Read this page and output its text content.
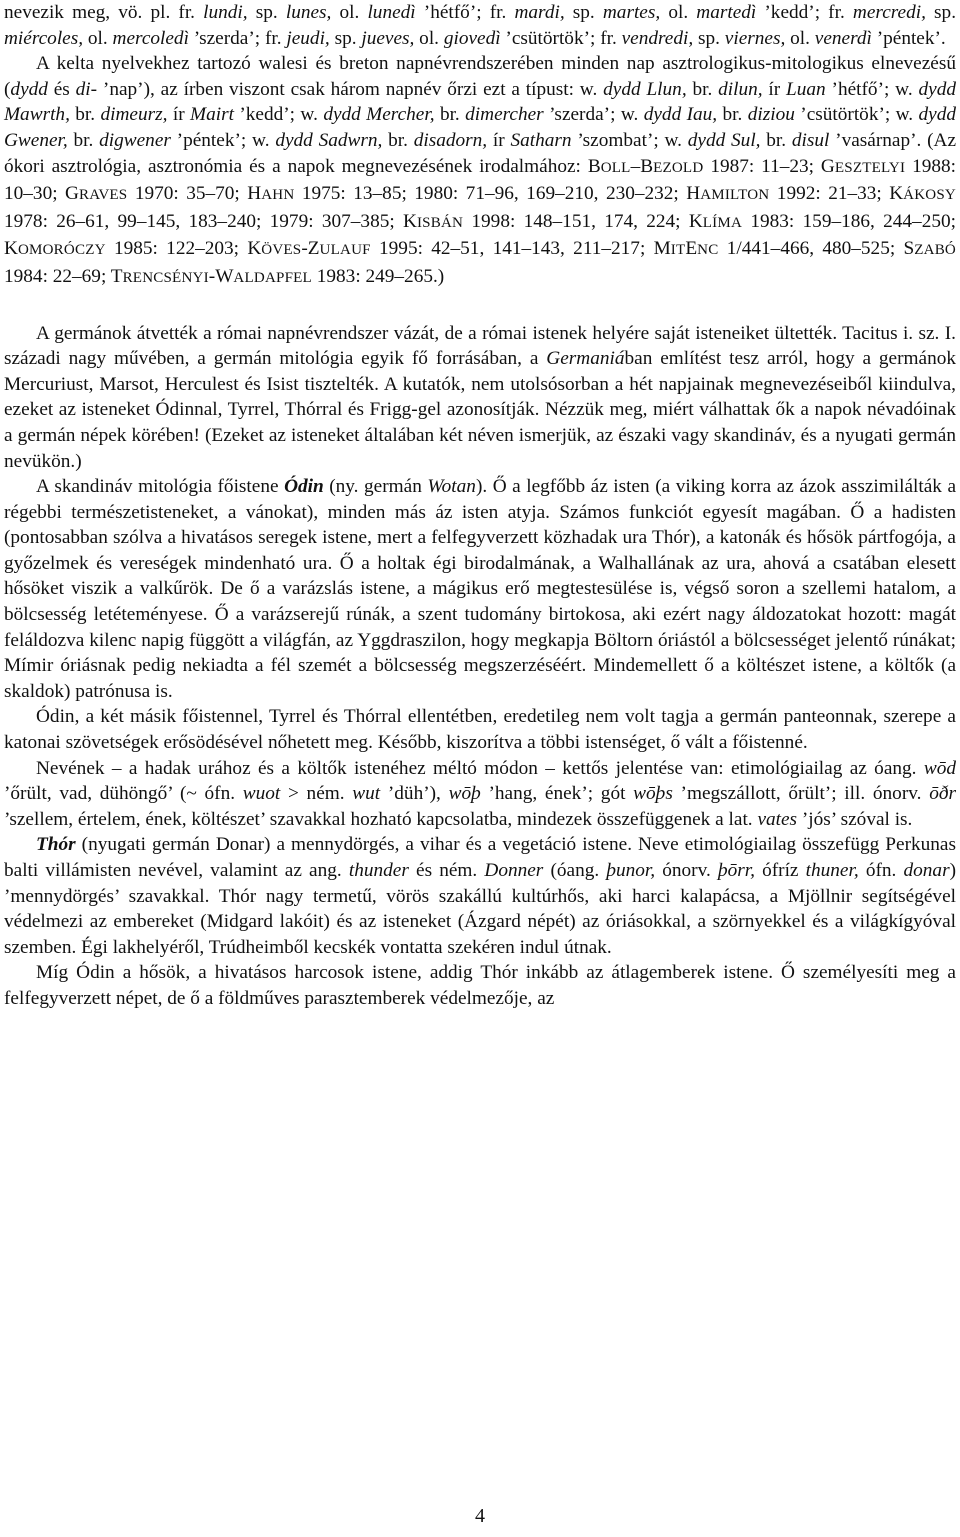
nevezik meg, vö. pl. fr. lundi, sp. lunes, ol. lunedì ’hétfő’; fr. mardi, sp. martes, ol. martedì ’kedd’; fr. mercredi, sp. miércoles, ol. mercoledì ’szerda’; fr. jeudi, sp. jueves, ol. giovedì ’csütörtök’; fr. vendredi, sp. viernes, ol. venerdì ’péntek’.

A kelta nyelvekhez tartozó walesi és breton napnévrendszerében minden nap asztrologikus-mitologikus elnevezésű (dydd és di- ’nap’), az írben viszont csak három napnév őrzi ezt a típust: w. dydd Llun, br. dilun, ír Luan ’hétfő’; w. dydd Mawrth, br. dimeurz, ír Mairt ’kedd’; w. dydd Mercher, br. dimercher ’szerda’; w. dydd Iau, br. diziou ’csütörtök’; w. dydd Gwener, br. digwener ’péntek’; w. dydd Sadwrn, br. disadorn, ír Satharn ’szombat’; w. dydd Sul, br. disul ’vasárnap’. (Az ókori asztrológia, asztronómia és a napok megnevezésének irodalmához: BOLL–BEZOLD 1987: 11–23; GESZTELYI 1988: 10–30; GRAVES 1970: 35–70; HAHN 1975: 13–85; 1980: 71–96, 169–210, 230–232; HAMILTON 1992: 21–33; KÁKOSY 1978: 26–61, 99–145, 183–240; 1979: 307–385; KISBÁN 1998: 148–151, 174, 224; KLÍMA 1983: 159–186, 244–250; KOMORÓCZY 1985: 122–203; KÖVES-ZULAUF 1995: 42–51, 141–143, 211–217; MITENC 1/441–466, 480–525; SZABÓ 1984: 22–69; TRENCSÉNYI-WALDAPFEL 1983: 249–265.)

A germánok átvették a római napnévrendszer vázát, de a római istenek helyére saját isteneiket ültették. Tacitus i. sz. I. századi nagy művében, a germán mitológia egyik fő forrásában, a Germaniában említést tesz arról, hogy a germánok Mercuriust, Marsot, Herculest és Isist tisztelték. A kutatók, nem utolsósorban a hét napjainak megnevezéseiből kiindulva, ezeket az isteneket Ódinnal, Tyrrel, Thórral és Frigg-gel azonosítják. Nézzük meg, miért válhattak ők a napok névadóinak a germán népek körében! (Ezeket az isteneket általában két néven ismerjük, az északi vagy skandináv, és a nyugati germán nevükön.)

A skandináv mitológia főistene Ódin (ny. germán Wotan). Ő a legfőbb áz isten (a viking korra az ázok asszimilálták a régebbi természetisteneket, a vánokat), minden más áz isten atyja. Számos funkciót egyesít magában. Ő a hadisten (pontosabban szólva a hivatásos seregek istene, mert a felfegyverzett közhadak ura Thór), a katonák és hősök pártfogója, a győzelmek és vereségek mindenható ura. Ő a holtak égi birodalmának, a Walhallának az ura, ahová a csatában elesett hősöket viszik a valkűrök. De ő a varázslás istene, a mágikus erő megtestesülése is, végső soron a szellemi hatalom, a bölcsesség letéteményese. Ő a varázserejű rúnák, a szent tudomány birtokosa, aki ezért nagy áldozatokat hozott: magát feláldozva kilenc napig függött a világfán, az Yggdraszilon, hogy megkapja Böltorn óriástól a bölcsességet jelentő rúnákat; Mímir óriásnak pedig nekiadta a fél szemét a bölcsesség megszerzéséért. Mindemellett ő a költészet istene, a költők (a skaldok) patrónusa is.

Ódin, a két másik főistennel, Tyrrel és Thórral ellentétben, eredetileg nem volt tagja a germán panteonnak, szerepe a katonai szövetségek erősödésével nőhetett meg. Később, kiszorítva a többi istenséget, ő vált a főistenné.

Nevének – a hadak urához és a költők istenéhez méltó módon – kettős jelentése van: etimológiailag az óang. wōd ’őrült, vad, dühöngő’ (~ ófn. wuot > ném. wut ’düh’), wōþ ’hang, ének’; gót wōþs ’megszállott, őrült’; ill. ónorv. ōðr ’szellem, értelem, ének, költészet’ szavakkal hozható kapcsolatba, mindezek összefüggenek a lat. vates ’jós’ szóval is.

Thór (nyugati germán Donar) a mennydörgés, a vihar és a vegetáció istene. Neve etimológiailag összefügg Perkunas balti villámisten nevével, valamint az ang. thunder és ném. Donner (óang. þunor, ónorv. þōrr, ófríz thuner, ófn. donar) ’mennydörgés’ szavakkal. Thór nagy termetű, vörös szakállú kultúrhős, aki harci kalapácsa, a Mjöllnir segítségével védelmezi az embereket (Midgard lakóit) és az isteneket (Ázgard népét) az óriásokkal, a szörnyekkel és a világkígyóval szemben. Égi lakhelyéről, Trúdheimből kecskék vontatta szekéren indul útnak.

Míg Ódin a hősök, a hivatásos harcosok istene, addig Thór inkább az átlagemberek istene. Ő személyesíti meg a felfegyverzett népet, de ő a földműves parasztemberek védelmezője, az

4
